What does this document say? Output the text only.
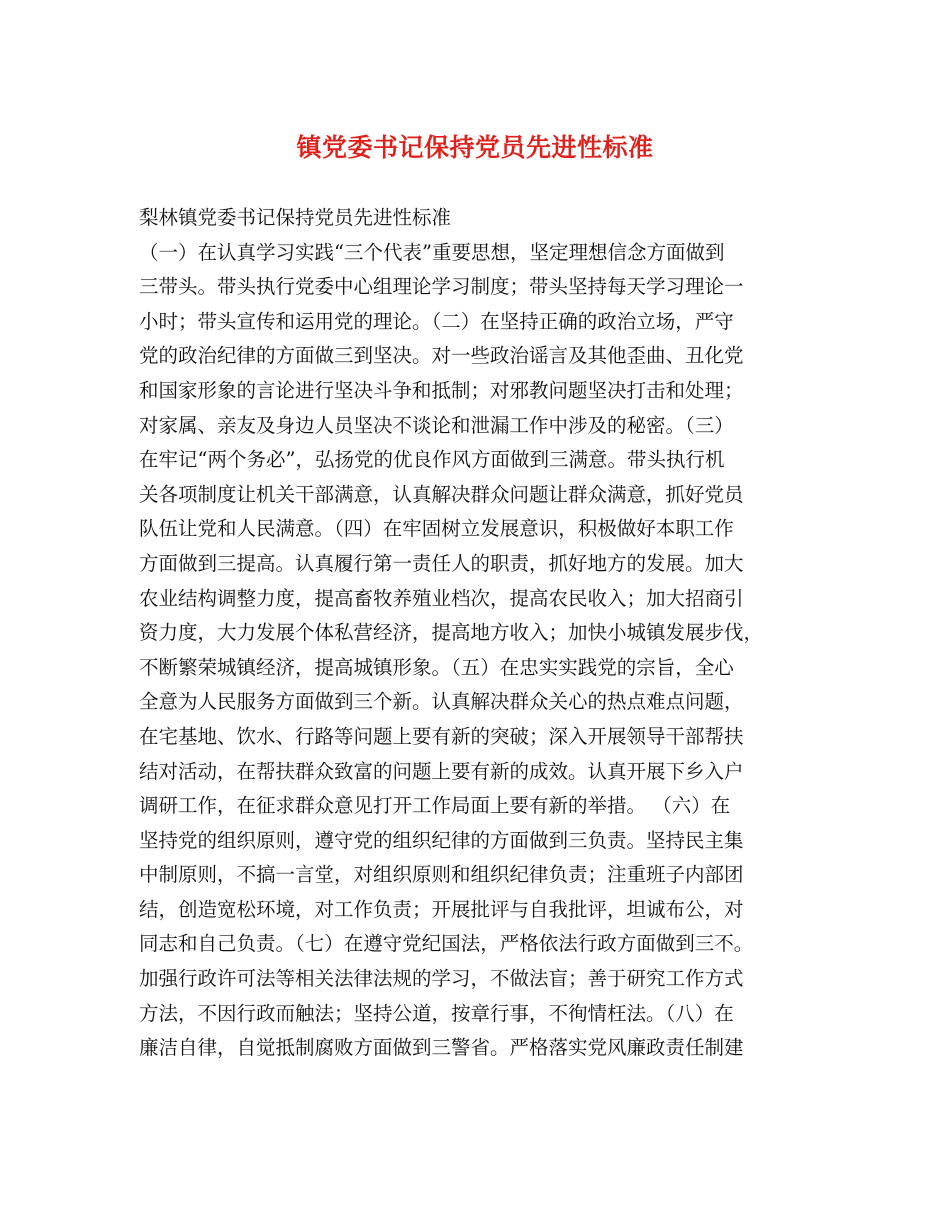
镇党委书记保持党员先进性标准
梨林镇党委书记保持党员先进性标准
（一）在认真学习实践“三个代表”重要思想，坚定理想信念方面做到
三带头。带头执行党委中心组理论学习制度；带头坚持每天学习理论一
小时；带头宣传和运用党的理论。（二）在坚持正确的政治立场，严守
党的政治纪律的方面做三到坚决。对一些政治谣言及其他歪曲、丑化党
和国家形象的言论进行坚决斗争和抵制；对邪教问题坚决打击和处理；
对家属、亲友及身边人员坚决不谈论和泄漏工作中涉及的秘密。（三）
在牢记“两个务必”，弘扬党的优良作风方面做到三满意。带头执行机
关各项制度让机关干部满意，认真解决群众问题让群众满意，抓好党员
队伍让党和人民满意。（四）在牢固树立发展意识，积极做好本职工作
方面做到三提高。认真履行第一责任人的职责，抓好地方的发展。加大
农业结构调整力度，提高畜牧养殖业档次，提高农民收入；加大招商引
资力度，大力发展个体私营经济，提高地方收入；加快小城镇发展步伐，
不断繁荣城镇经济，提高城镇形象。（五）在忠实实践党的宗旨，全心
全意为人民服务方面做到三个新。认真解决群众关心的热点难点问题，
在宅基地、饮水、行路等问题上要有新的突破；深入开展领导干部帮扶
结对活动，在帮扶群众致富的问题上要有新的成效。认真开展下乡入户
调研工作，在征求群众意见打开工作局面上要有新的举措。 （六）在
坚持党的组织原则，遵守党的组织纪律的方面做到三负责。坚持民主集
中制原则，不搞一言堂，对组织原则和组织纪律负责；注重班子内部团
结，创造宽松环境，对工作负责；开展批评与自我批评，坦诚布公，对
同志和自己负责。（七）在遵守党纪国法，严格依法行政方面做到三不。
加强行政许可法等相关法律法规的学习，不做法盲；善于研究工作方式
方法，不因行政而触法；坚持公道，按章行事，不徇情枉法。（八）在
廉洁自律，自觉抵制腐败方面做到三警省。严格落实党风廉政责任制建
